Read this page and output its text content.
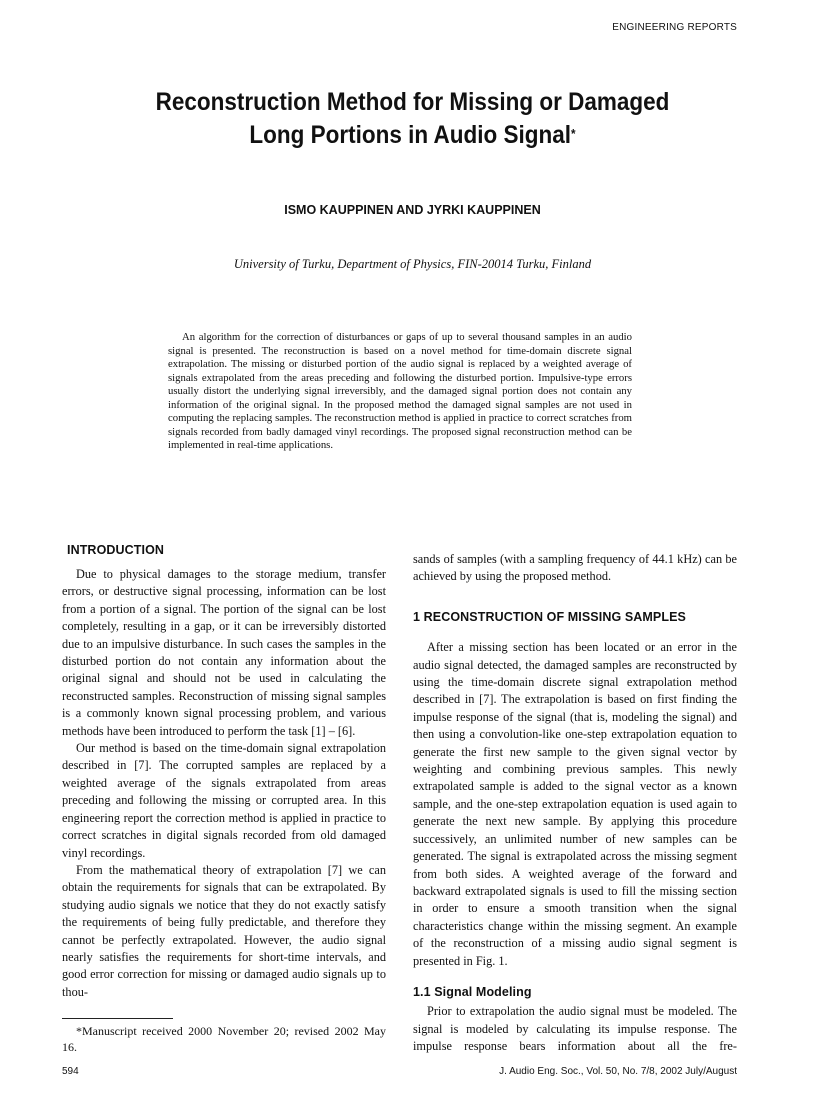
ENGINEERING REPORTS
Reconstruction Method for Missing or Damaged
Long Portions in Audio Signal*
ISMO KAUPPINEN AND JYRKI KAUPPINEN
University of Turku, Department of Physics, FIN-20014 Turku, Finland
An algorithm for the correction of disturbances or gaps of up to several thousand samples in an audio signal is presented. The reconstruction is based on a novel method for time-domain discrete signal extrapolation. The missing or disturbed portion of the audio signal is replaced by a weighted average of signals extrapolated from the areas preceding and following the disturbed portion. Impulsive-type errors usually distort the underlying signal irreversibly, and the damaged signal portion does not contain any information of the original signal. In the proposed method the damaged signal samples are not used in computing the replacing samples. The reconstruction method is applied in practice to correct scratches from signals recorded from badly damaged vinyl recordings. The proposed signal reconstruction method can be implemented in real-time applications.
INTRODUCTION

Due to physical damages to the storage medium, transfer errors, or destructive signal processing, information can be lost from a portion of a signal. The portion of the signal can be lost completely, resulting in a gap, or it can be irreversibly distorted due to an impulsive disturbance. In such cases the samples in the disturbed portion do not contain any information about the original signal and should not be used in calculating the reconstructed samples. Reconstruction of missing signal samples is a commonly known signal processing problem, and various methods have been introduced to perform the task [1] – [6].

Our method is based on the time-domain signal extrapolation described in [7]. The corrupted samples are replaced by a weighted average of the signals extrapolated from areas preceding and following the missing or corrupted area. In this engineering report the correction method is applied in practice to correct scratches in digital signals recorded from old damaged vinyl recordings.

From the mathematical theory of extrapolation [7] we can obtain the requirements for signals that can be extrapolated. By studying audio signals we notice that they do not exactly satisfy the requirements of being fully predictable, and therefore they cannot be perfectly extrapolated. However, the audio signal nearly satisfies the requirements for short-time intervals, and good error correction for missing or damaged audio signals up to thou-

sands of samples (with a sampling frequency of 44.1 kHz) can be achieved by using the proposed method.

1 RECONSTRUCTION OF MISSING SAMPLES

After a missing section has been located or an error in the audio signal detected, the damaged samples are reconstructed by using the time-domain discrete signal extrapolation method described in [7]. The extrapolation is based on first finding the impulse response of the signal (that is, modeling the signal) and then using a convolution-like one-step extrapolation equation to generate the first new sample to the given signal vector by weighting and combining previous samples. This newly extrapolated sample is added to the signal vector as a known sample, and the one-step extrapolation equation is used again to generate the next new sample. By applying this procedure successively, an unlimited number of new samples can be generated. The signal is extrapolated across the missing segment from both sides. A weighted average of the forward and backward extrapolated signals is used to fill the missing section in order to ensure a smooth transition when the signal characteristics change within the missing segment. An example of the reconstruction of a missing audio signal segment is presented in Fig. 1.

1.1 Signal Modeling

Prior to extrapolation the audio signal must be modeled. The signal is modeled by calculating its impulse response. The impulse response bears information about all the fre-

*Manuscript received 2000 November 20; revised 2002 May 16.
594	J. Audio Eng. Soc., Vol. 50, No. 7/8, 2002 July/August
